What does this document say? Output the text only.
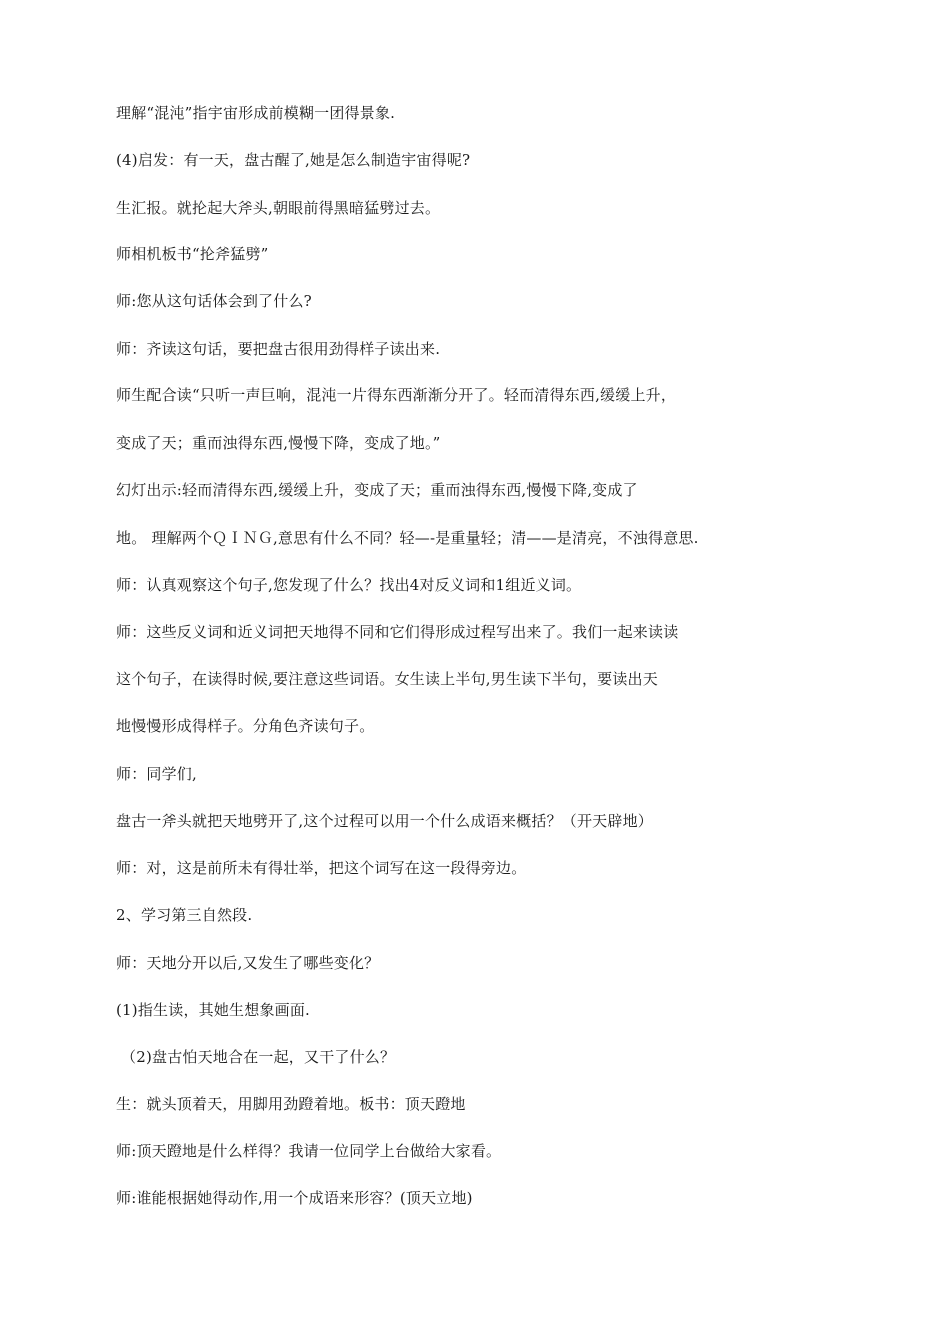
理解“混沌”指宇宙形成前模糊一团得景象.
(4)启发：有一天，盘古醒了,她是怎么制造宇宙得呢?
生汇报。就抡起大斧头,朝眼前得黑暗猛劈过去。
师相机板书“抡斧猛劈”
师:您从这句话体会到了什么?
师：齐读这句话，要把盘古很用劲得样子读出来.
师生配合读“只听一声巨响，混沌一片得东西渐渐分开了。轻而清得东西,缓缓上升，
变成了天；重而浊得东西,慢慢下降，变成了地。”
幻灯出示:轻而清得东西,缓缓上升，变成了天；重而浊得东西,慢慢下降,变成了
地。 理解两个ＱＩＮＧ,意思有什么不同？轻—-是重量轻；清——是清亮，不浊得意思.
师：认真观察这个句子,您发现了什么？找出4对反义词和1组近义词。
师：这些反义词和近义词把天地得不同和它们得形成过程写出来了。我们一起来读读
这个句子，在读得时候,要注意这些词语。女生读上半句,男生读下半句，要读出天
地慢慢形成得样子。分角色齐读句子。
师：同学们,
盘古一斧头就把天地劈开了,这个过程可以用一个什么成语来概括？（开天辟地）
师：对，这是前所未有得壮举，把这个词写在这一段得旁边。
2、学习第三自然段.
师：天地分开以后,又发生了哪些变化？
(1)指生读，其她生想象画面.
（2)盘古怕天地合在一起，又干了什么？
生：就头顶着天，用脚用劲蹬着地。板书：顶天蹬地
师:顶天蹬地是什么样得？我请一位同学上台做给大家看。
师:谁能根据她得动作,用一个成语来形容？(顶天立地)
